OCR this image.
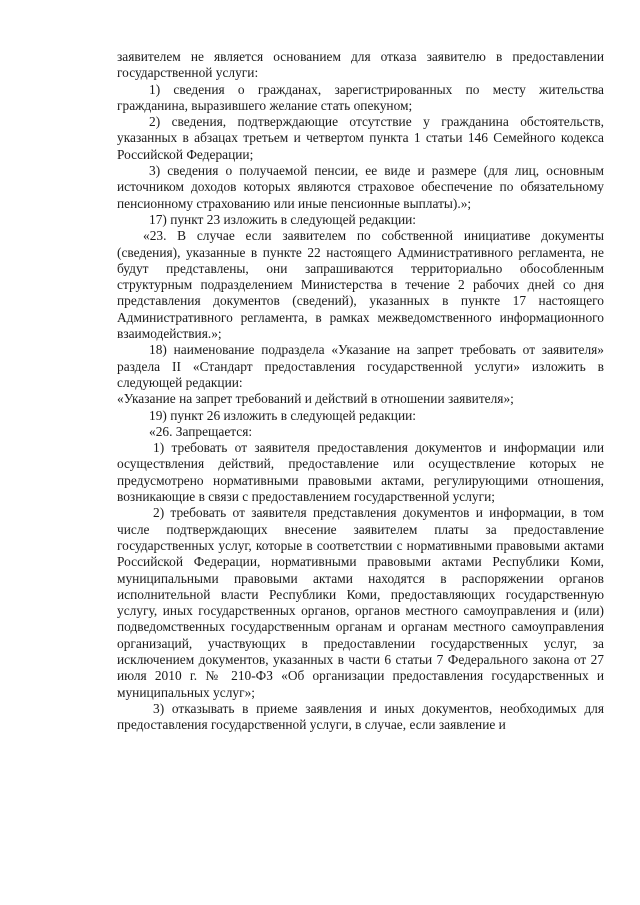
заявителем не является основанием для отказа заявителю в предоставлении государственной услуги:

1) сведения о гражданах, зарегистрированных по месту жительства гражданина, выразившего желание стать опекуном;

2) сведения, подтверждающие отсутствие у гражданина обстоятельств, указанных в абзацах третьем и четвертом пункта 1 статьи 146 Семейного кодекса Российской Федерации;

3) сведения о получаемой пенсии, ее виде и размере (для лиц, основным источником доходов которых являются страховое обеспечение по обязательному пенсионному страхованию или иные пенсионные выплаты).»;

17) пункт 23 изложить в следующей редакции:

«23. В случае если заявителем по собственной инициативе документы (сведения), указанные в пункте 22 настоящего Административного регламента, не будут представлены, они запрашиваются территориально обособленным структурным подразделением Министерства в течение 2 рабочих дней со дня представления документов (сведений), указанных в пункте 17 настоящего Административного регламента, в рамках межведомственного информационного взаимодействия.»;

18) наименование подраздела «Указание на запрет требовать от заявителя» раздела II «Стандарт предоставления государственной услуги» изложить в следующей редакции:

«Указание на запрет требований и действий в отношении заявителя»;

19) пункт 26 изложить в следующей редакции:

«26. Запрещается:

1) требовать от заявителя предоставления документов и информации или осуществления действий, предоставление или осуществление которых не предусмотрено нормативными правовыми актами, регулирующими отношения, возникающие в связи с предоставлением государственной услуги;

2) требовать от заявителя представления документов и информации, в том числе подтверждающих внесение заявителем платы за предоставление государственных услуг, которые в соответствии с нормативными правовыми актами Российской Федерации, нормативными правовыми актами Республики Коми, муниципальными правовыми актами находятся в распоряжении органов исполнительной власти Республики Коми, предоставляющих государственную услугу, иных государственных органов, органов местного самоуправления и (или) подведомственных государственным органам и органам местного самоуправления организаций, участвующих в предоставлении государственных услуг, за исключением документов, указанных в части 6 статьи 7 Федерального закона от 27 июля 2010 г. № 210-ФЗ «Об организации предоставления государственных и муниципальных услуг»;

3) отказывать в приеме заявления и иных документов, необходимых для предоставления государственной услуги, в случае, если заявление и
